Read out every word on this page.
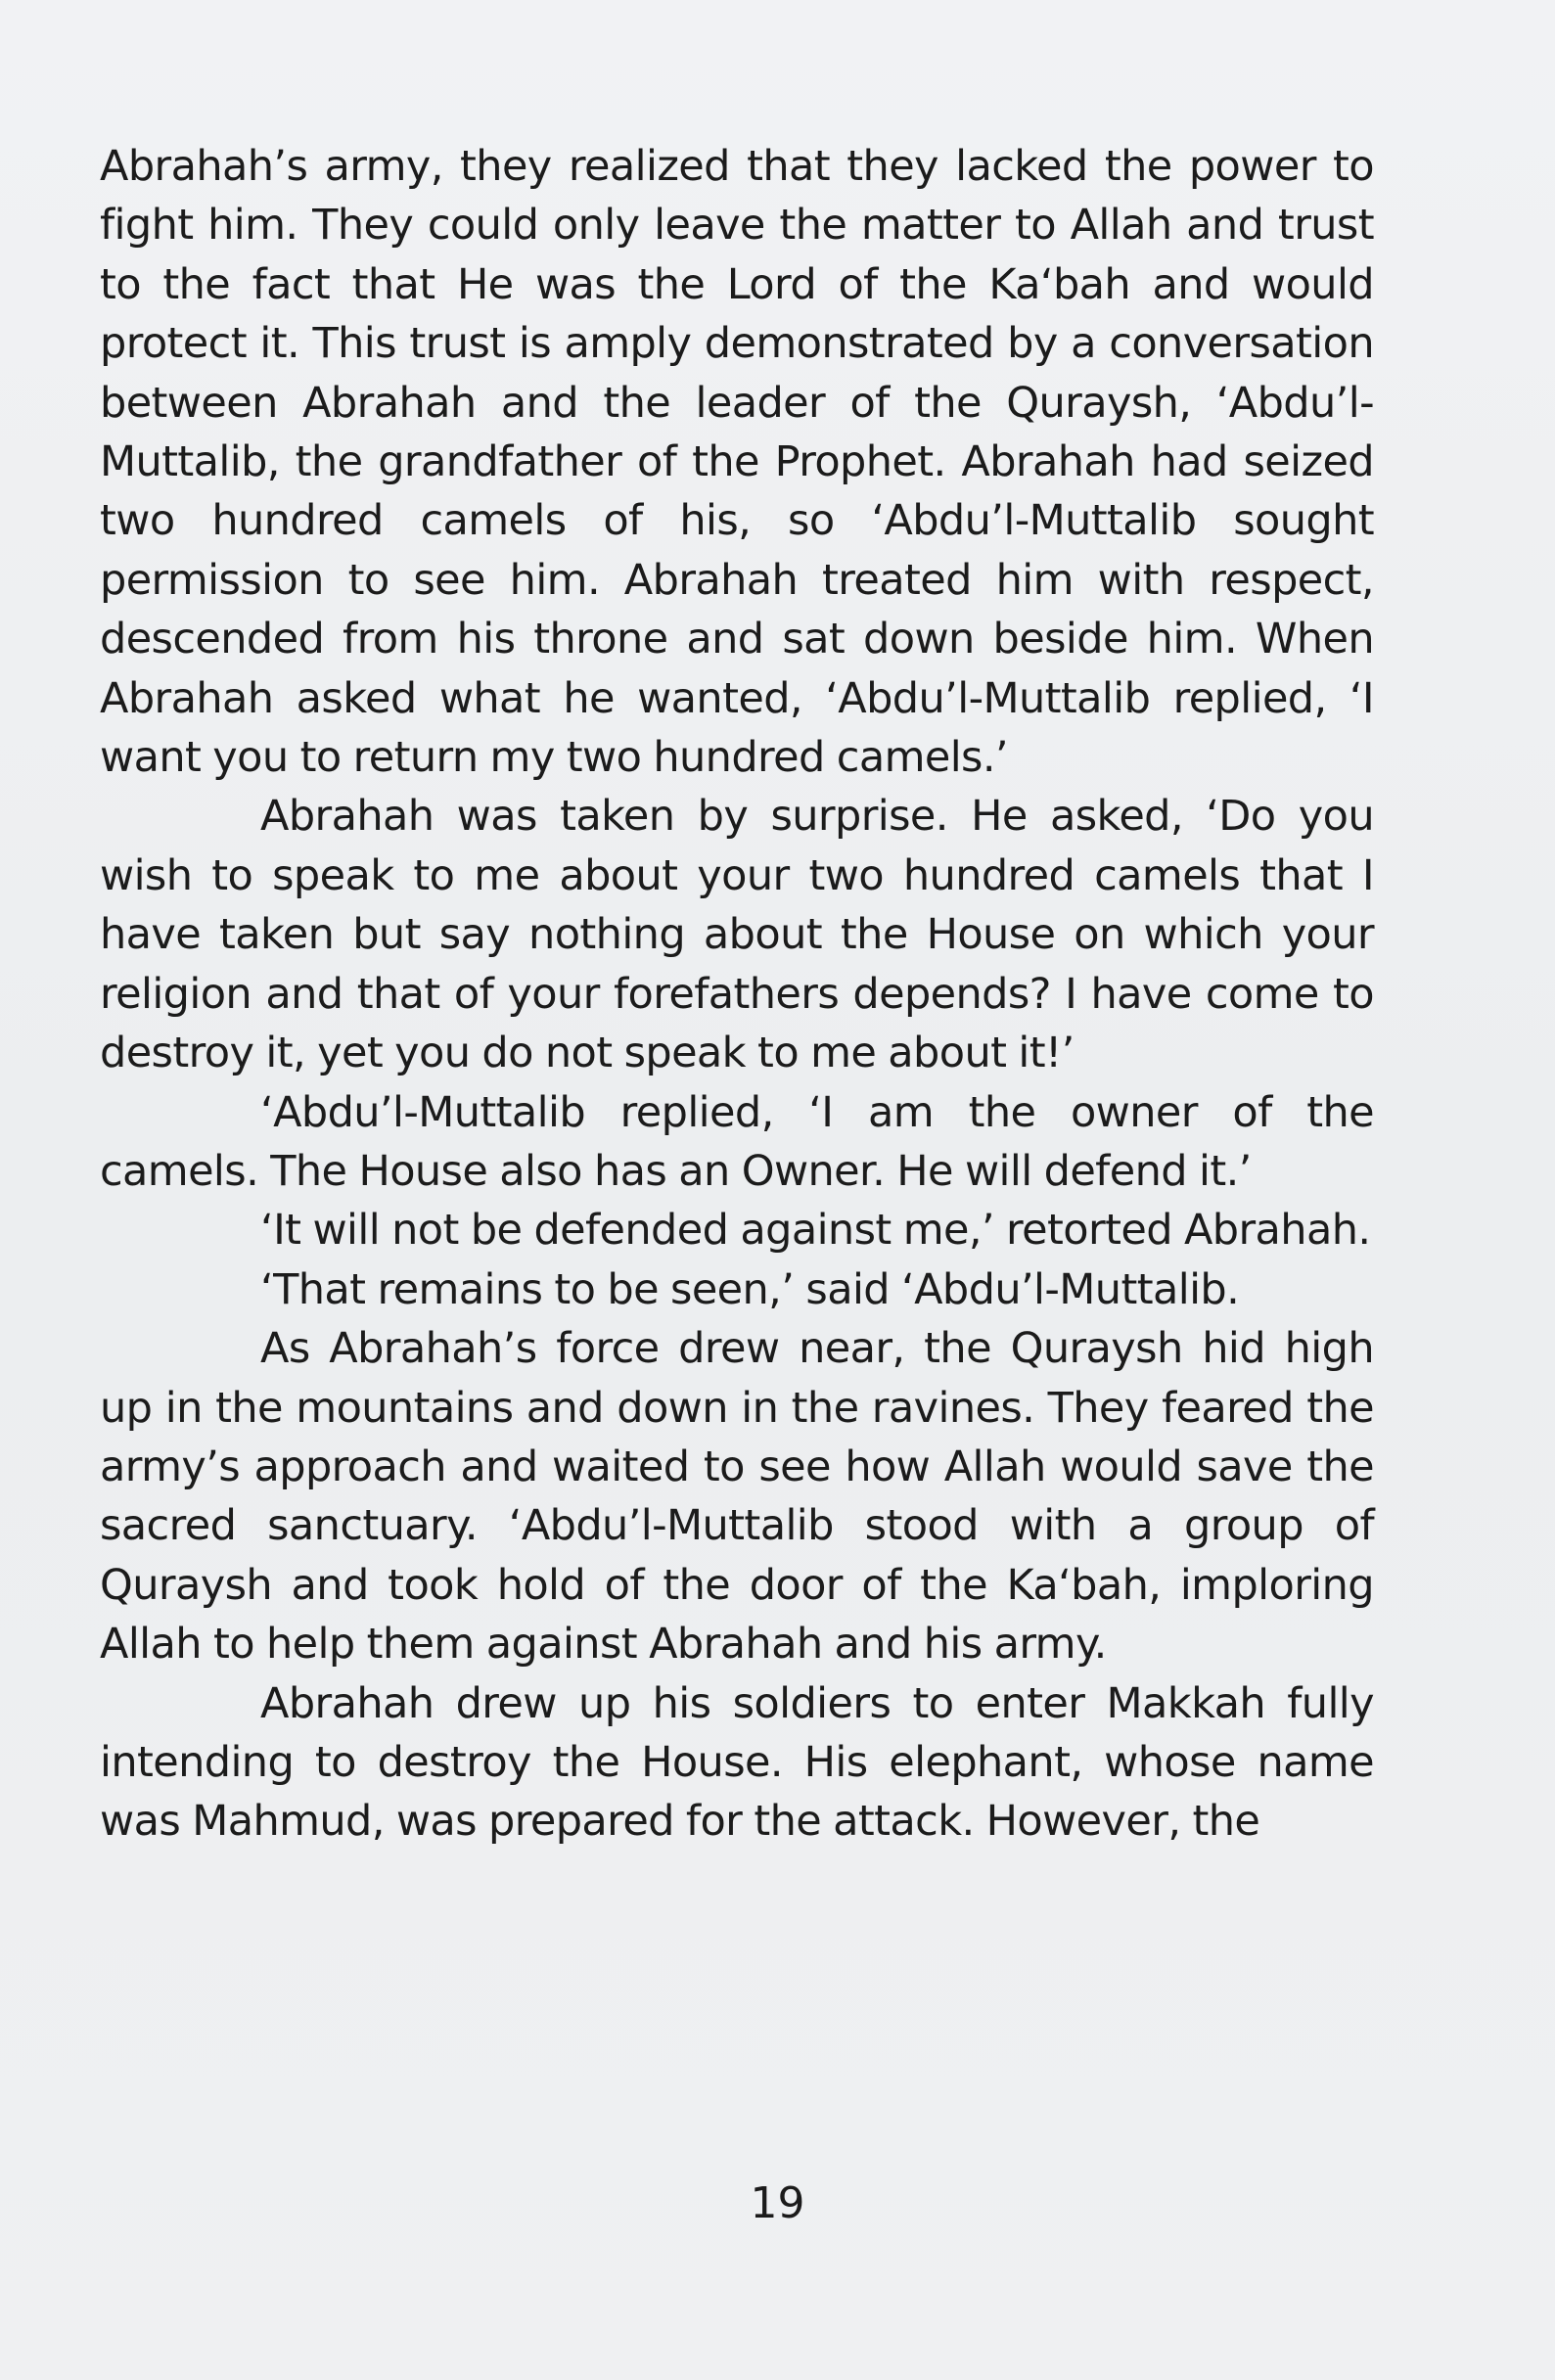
Abrahah’s army, they realized that they lacked the power to fight him. They could only leave the matter to Allah and trust to the fact that He was the Lord of the Ka‘bah and would protect it. This trust is amply demonstrated by a conversation between Abrahah and the leader of the Quraysh, ‘Abdu’l-Muttalib, the grandfather of the Prophet. Abrahah had seized two hundred camels of his, so ‘Abdu’l-Muttalib sought permission to see him. Abrahah treated him with respect, descended from his throne and sat down beside him. When Abrahah asked what he wanted, ‘Abdu’l-Muttalib replied, ‘I want you to return my two hundred camels.’

Abrahah was taken by surprise. He asked, ‘Do you wish to speak to me about your two hundred camels that I have taken but say nothing about the House on which your religion and that of your forefathers depends? I have come to destroy it, yet you do not speak to me about it!’

‘Abdu’l-Muttalib replied, ‘I am the owner of the camels. The House also has an Owner. He will defend it.’

‘It will not be defended against me,’ retorted Abrahah.

‘That remains to be seen,’ said ‘Abdu’l-Muttalib.

As Abrahah’s force drew near, the Quraysh hid high up in the mountains and down in the ravines. They feared the army’s approach and waited to see how Allah would save the sacred sanctuary. ‘Abdu’l-Muttalib stood with a group of Quraysh and took hold of the door of the Ka‘bah, imploring Allah to help them against Abrahah and his army.

Abrahah drew up his soldiers to enter Makkah fully intending to destroy the House. His elephant, whose name was Mahmud, was prepared for the attack. However, the

19
